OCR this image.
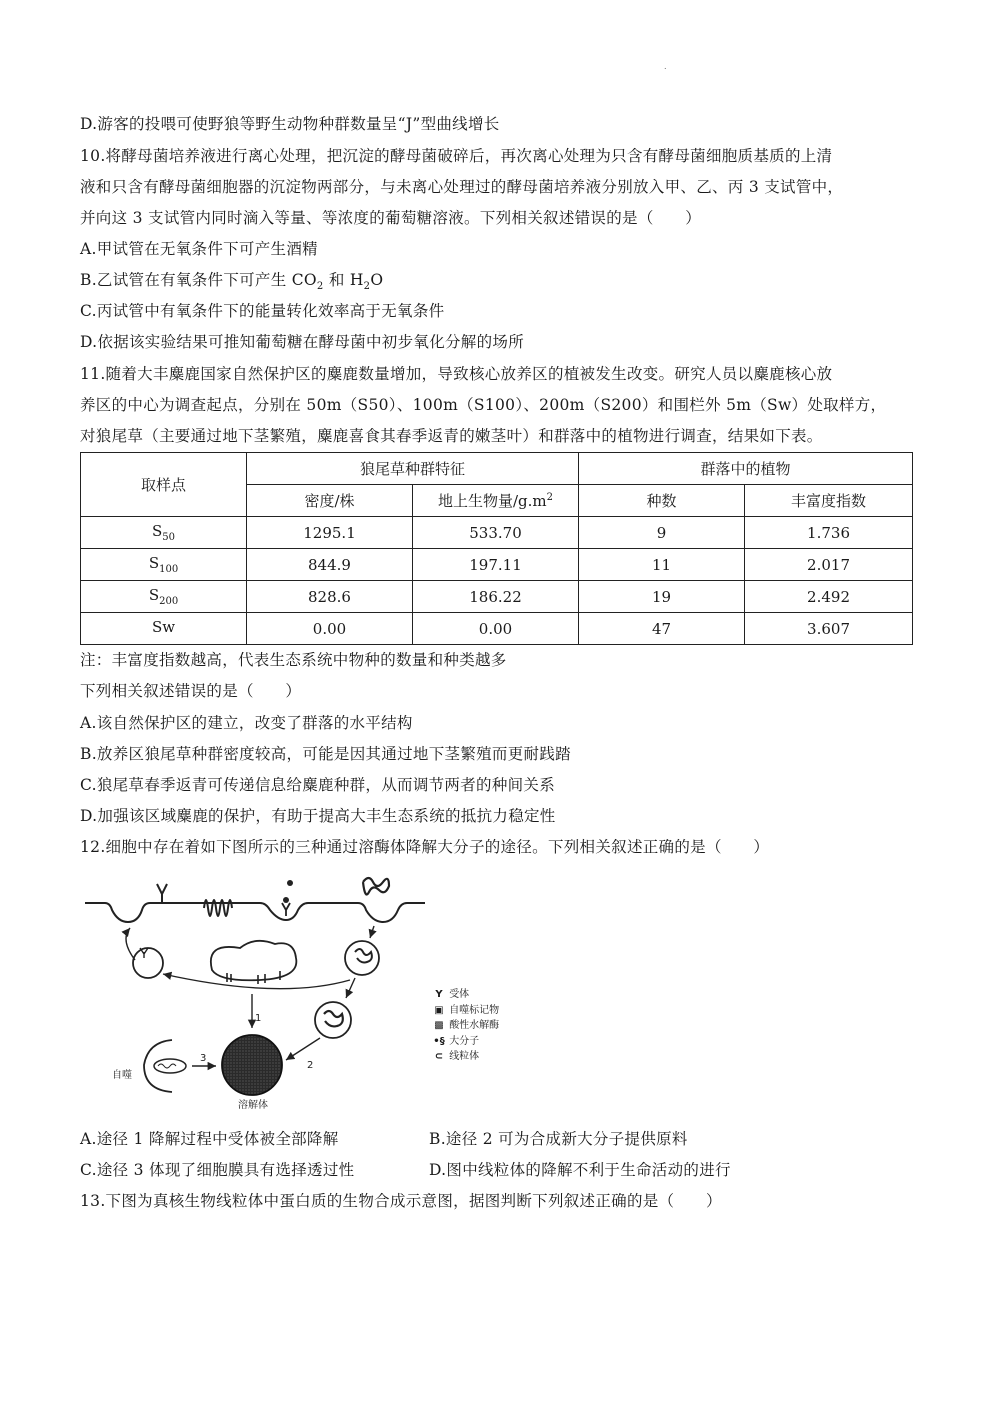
.
D.游客的投喂可使野狼等野生动物种群数量呈“J”型曲线增长
10.将酵母菌培养液进行离心处理，把沉淀的酵母菌破碎后，再次离心处理为只含有酵母菌细胞质基质的上清
液和只含有酵母菌细胞器的沉淀物两部分，与未离心处理过的酵母菌培养液分别放入甲、乙、丙 3 支试管中，
并向这 3 支试管内同时滴入等量、等浓度的葡萄糖溶液。下列相关叙述错误的是（　　）
A.甲试管在无氧条件下可产生酒精
B.乙试管在有氧条件下可产生 $CO_2$ 和 $H_2O$
C.丙试管中有氧条件下的能量转化效率高于无氧条件
D.依据该实验结果可推知葡萄糖在酵母菌中初步氧化分解的场所
11.随着大丰麋鹿国家自然保护区的麋鹿数量增加，导致核心放养区的植被发生改变。研究人员以麋鹿核心放
养区的中心为调查起点，分别在 50m（S50）、100m（S100）、200m（S200）和围栏外 5m（Sw）处取样方，
对狼尾草（主要通过地下茎繁殖，麋鹿喜食其春季返青的嫩茎叶）和群落中的植物进行调查，结果如下表。
取样点	狼尾草种群特征		群落中的植物	
	密度/株	地上生物量$/g.m^2$	种数	丰富度指数
$S_{50}$	1295.1	533.70	9	1.736
$S_{100}$	844.9	197.11	11	2.017
$S_{200}$	828.6	186.22	19	2.492
Sw	0.00	0.00	47	3.607
注：丰富度指数越高，代表生态系统中物种的数量和种类越多
下列相关叙述错误的是（　　）
A.该自然保护区的建立，改变了群落的水平结构
B.放养区狼尾草种群密度较高，可能是因其通过地下茎繁殖而更耐践踏
C.狼尾草春季返青可传递信息给麋鹿种群，从而调节两者的种间关系
D.加强该区域麋鹿的保护，有助于提高大丰生态系统的抵抗力稳定性
12.细胞中存在着如下图所示的三种通过溶酶体降解大分子的途径。下列相关叙述正确的是（　　）
1
2
3
自噬
溶解体
Y 受体
▣ 自噬标记物
▩ 酸性水解酶
•§ 大分子
⊂ 线粒体
A.途径 1 降解过程中受体被全部降解	B.途径 2 可为合成新大分子提供原料
C.途径 3 体现了细胞膜具有选择透过性	D.图中线粒体的降解不利于生命活动的进行
13.下图为真核生物线粒体中蛋白质的生物合成示意图，据图判断下列叙述正确的是（　　）
